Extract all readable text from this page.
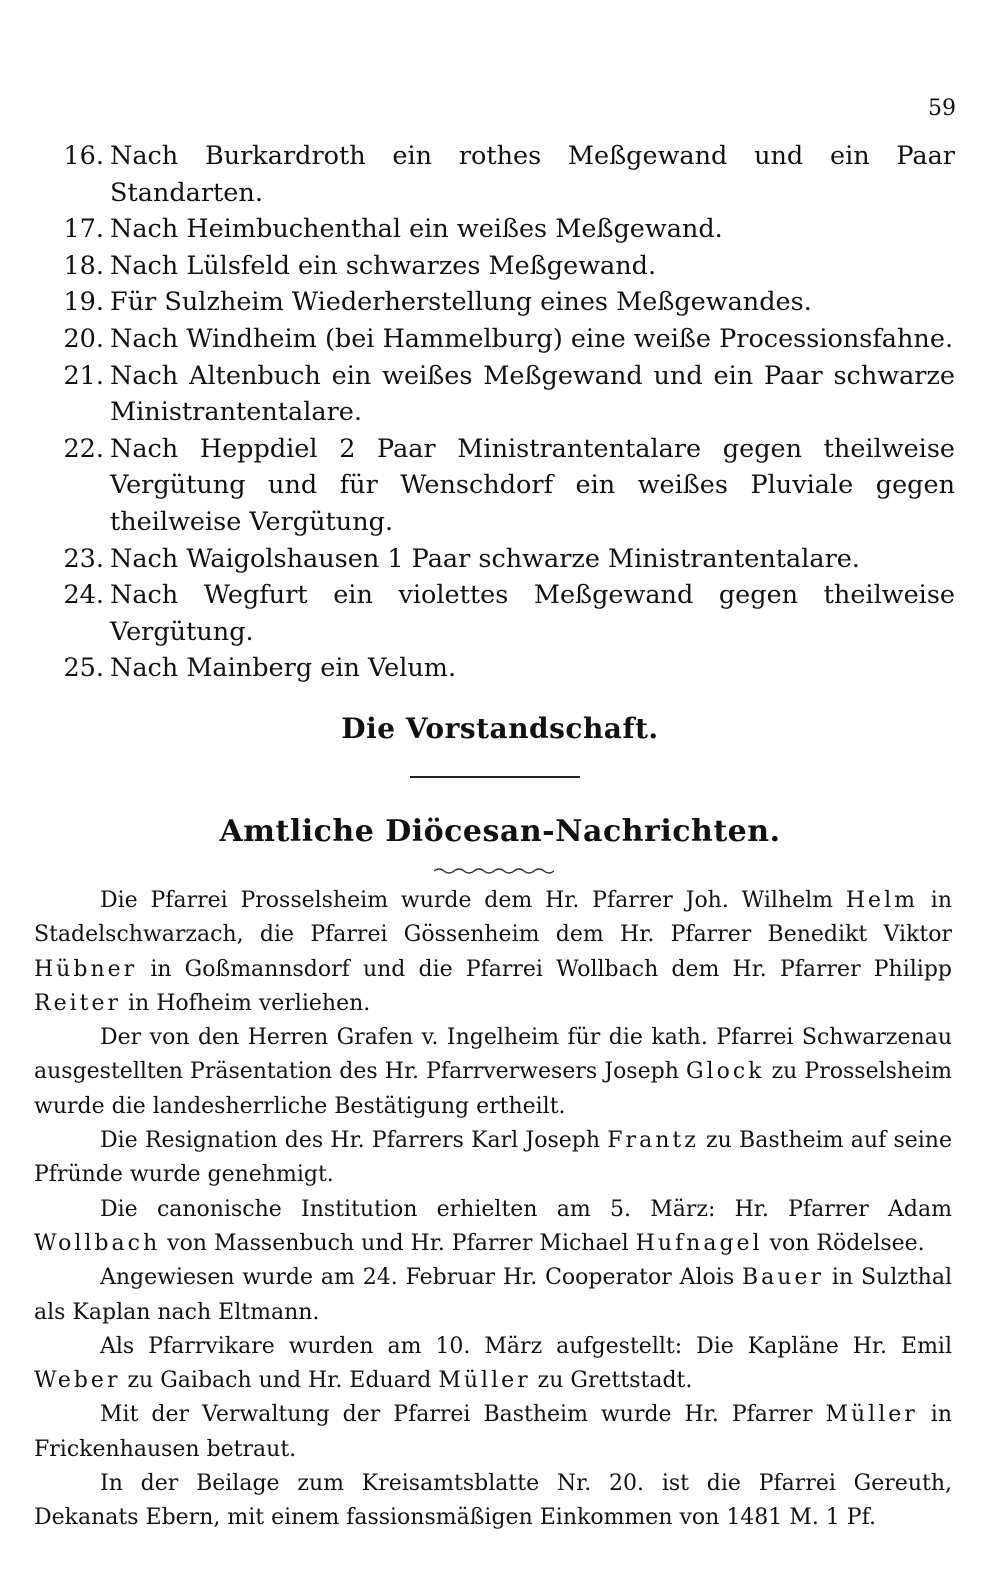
59
16. Nach Burkardroth ein rothes Meßgewand und ein Paar Standarten.
17. Nach Heimbuchenthal ein weißes Meßgewand.
18. Nach Lülsfeld ein schwarzes Meßgewand.
19. Für Sulzheim Wiederherstellung eines Meßgewandes.
20. Nach Windheim (bei Hammelburg) eine weiße Processionsfahne.
21. Nach Altenbuch ein weißes Meßgewand und ein Paar schwarze Ministrantentalare.
22. Nach Heppdiel 2 Paar Ministrantentalare gegen theilweise Vergütung und für Wenschdorf ein weißes Pluviale gegen theilweise Vergütung.
23. Nach Waigolshausen 1 Paar schwarze Ministrantentalare.
24. Nach Wegfurt ein violettes Meßgewand gegen theilweise Vergütung.
25. Nach Mainberg ein Velum.
Die Vorstandschaft.
Amtliche Diöcesan-Nachrichten.

Die Pfarrei Prosselsheim wurde dem Hr. Pfarrer Joh. Wilhelm Helm in Stadelschwarzach, die Pfarrei Gössenheim dem Hr. Pfarrer Benedikt Viktor Hübner in Goßmannsdorf und die Pfarrei Wollbach dem Hr. Pfarrer Philipp Reiter in Hofheim verliehen.

Der von den Herren Grafen v. Ingelheim für die kath. Pfarrei Schwarzenau ausgestellten Präsentation des Hr. Pfarrverwesers Joseph Glock zu Prosselsheim wurde die landesherrliche Bestätigung ertheilt.

Die Resignation des Hr. Pfarrers Karl Joseph Frantz zu Bastheim auf seine Pfründe wurde genehmigt.

Die canonische Institution erhielten am 5. März: Hr. Pfarrer Adam Wollbach von Massenbuch und Hr. Pfarrer Michael Hufnagel von Rödelsee.

Angewiesen wurde am 24. Februar Hr. Cooperator Alois Bauer in Sulzthal als Kaplan nach Eltmann.

Als Pfarrvikare wurden am 10. März aufgestellt: Die Kapläne Hr. Emil Weber zu Gaibach und Hr. Eduard Müller zu Grettstadt.

Mit der Verwaltung der Pfarrei Bastheim wurde Hr. Pfarrer Müller in Frickenhausen betraut.

In der Beilage zum Kreisamtsblatte Nr. 20. ist die Pfarrei Gereuth, Dekanats Ebern, mit einem fassionsmäßigen Einkommen von 1481 M. 1 Pf.
